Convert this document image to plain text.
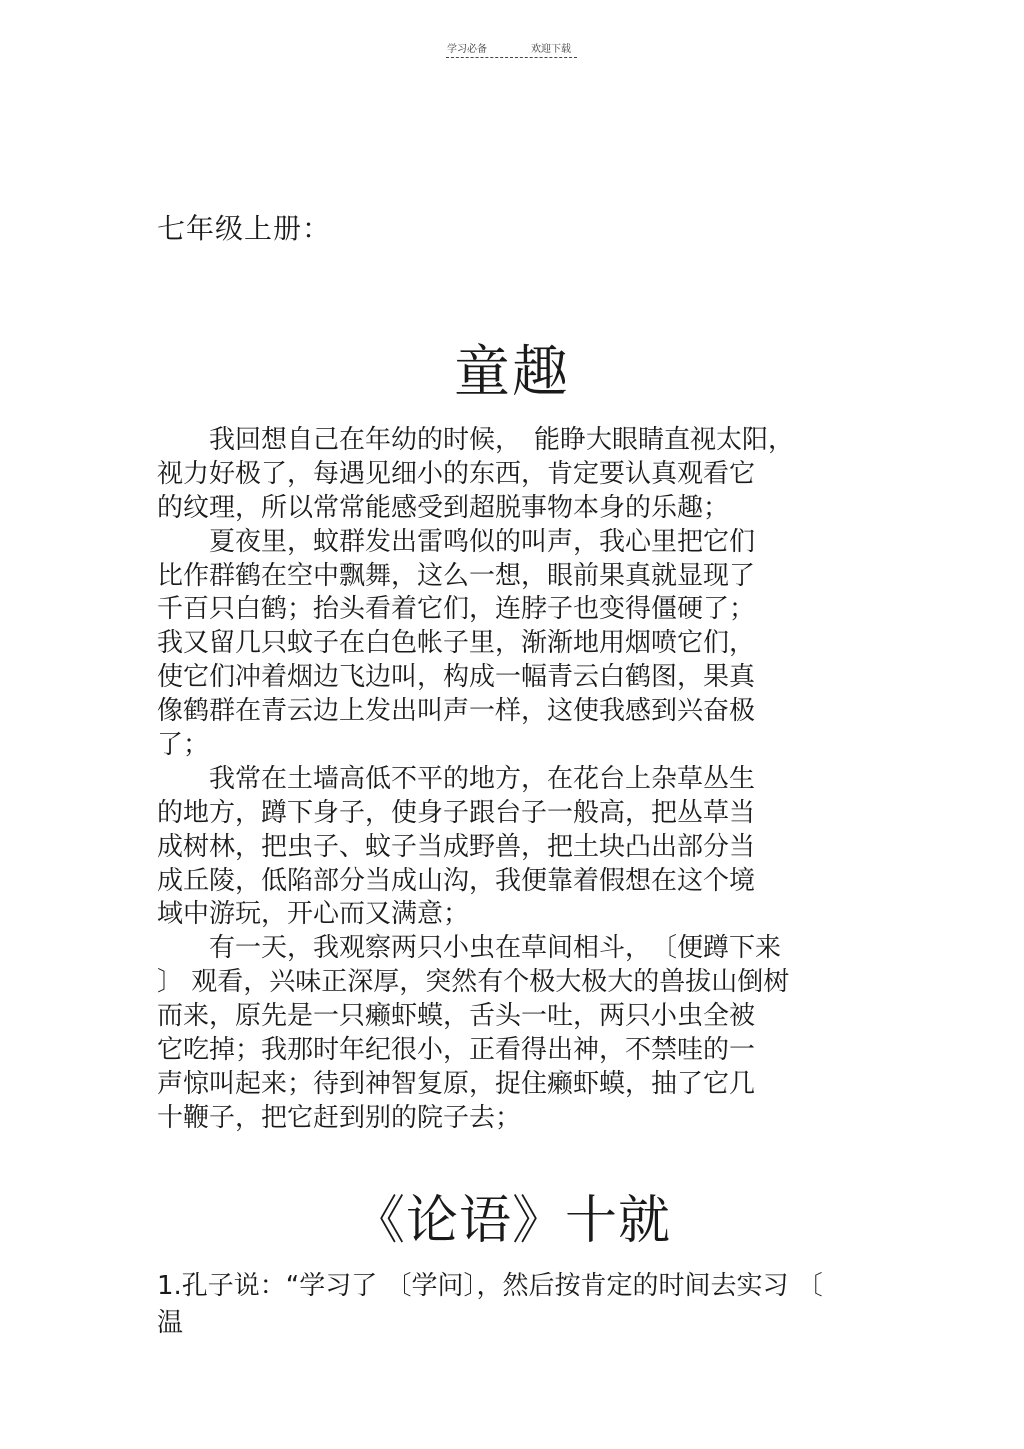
学习必备	欢迎下载
七年级上册：
童趣
　　我回想自己在年幼的时候，　能睁大眼睛直视太阳，
视力好极了，每遇见细小的东西，肯定要认真观看它
的纹理，所以常常能感受到超脱事物本身的乐趣；
　　夏夜里，蚊群发出雷鸣似的叫声，我心里把它们
比作群鹤在空中飘舞，这么一想，眼前果真就显现了
千百只白鹤；抬头看着它们，连脖子也变得僵硬了；
我又留几只蚊子在白色帐子里，渐渐地用烟喷它们，
使它们冲着烟边飞边叫，构成一幅青云白鹤图，果真
像鹤群在青云边上发出叫声一样，这使我感到兴奋极
了；
　　我常在土墙高低不平的地方，在花台上杂草丛生
的地方，蹲下身子，使身子跟台子一般高，把丛草当
成树林，把虫子、蚊子当成野兽，把土块凸出部分当
成丘陵，低陷部分当成山沟，我便靠着假想在这个境
域中游玩，开心而又满意；
　　有一天，我观察两只小虫在草间相斗，　〔便蹲下来
〕 观看，兴味正深厚，突然有个极大极大的兽拔山倒树
而来，原先是一只癞虾蟆，舌头一吐，两只小虫全被
它吃掉；我那时年纪很小，正看得出神，不禁哇的一
声惊叫起来；待到神智复原，捉住癞虾蟆，抽了它几
十鞭子，把它赶到别的院子去；
《论语》十就
1.孔子说：“学习了 〔学问〕，然后按肯定的时间去实习 〔
温
